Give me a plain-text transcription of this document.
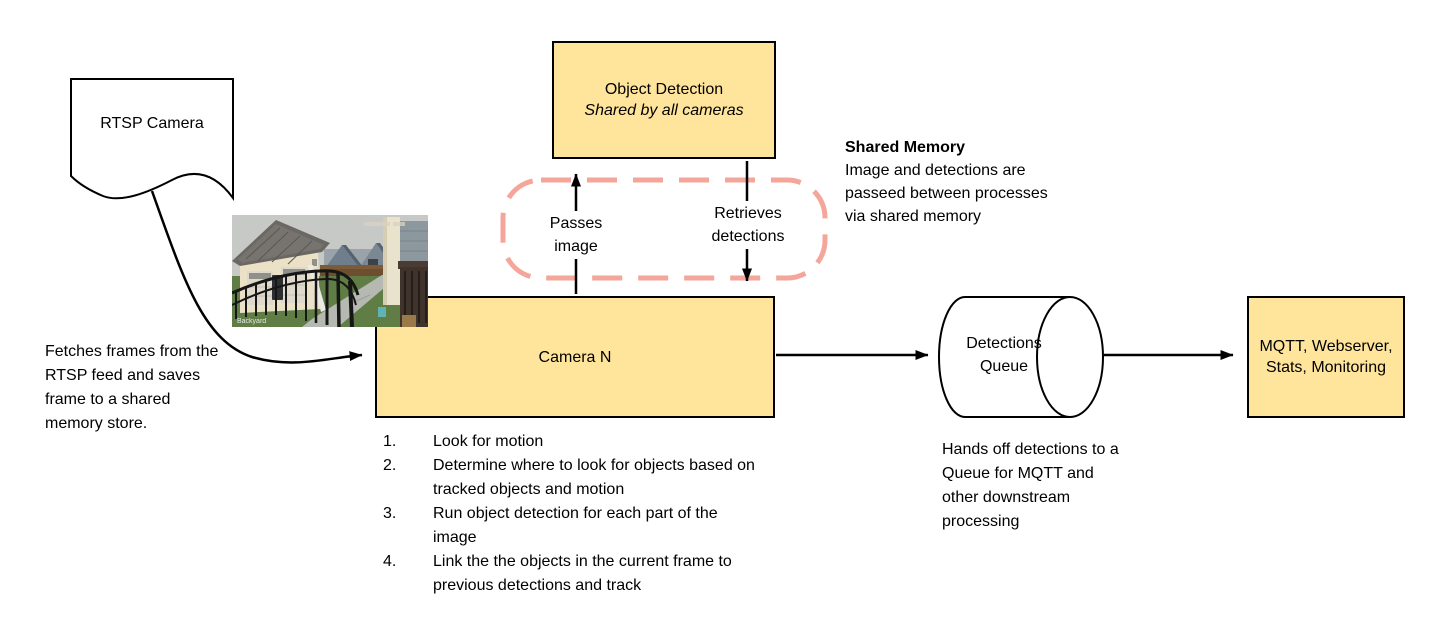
RTSP Camera
Fetches frames from the RTSP feed and saves frame to a shared memory store.
Object Detection
Shared by all cameras
Passes image
Retrieves detections
Shared Memory
Image and detections are passeed between processes via shared memory
Camera N
Backyard
1.	Look for motion
2.	Determine where to look for objects based on tracked objects and motion
3.	Run object detection for each part of the image
4.	Link the the objects in the current frame to previous detections and track
Detections Queue
Hands off detections to a Queue for MQTT and other downstream processing
MQTT, Webserver, Stats, Monitoring
